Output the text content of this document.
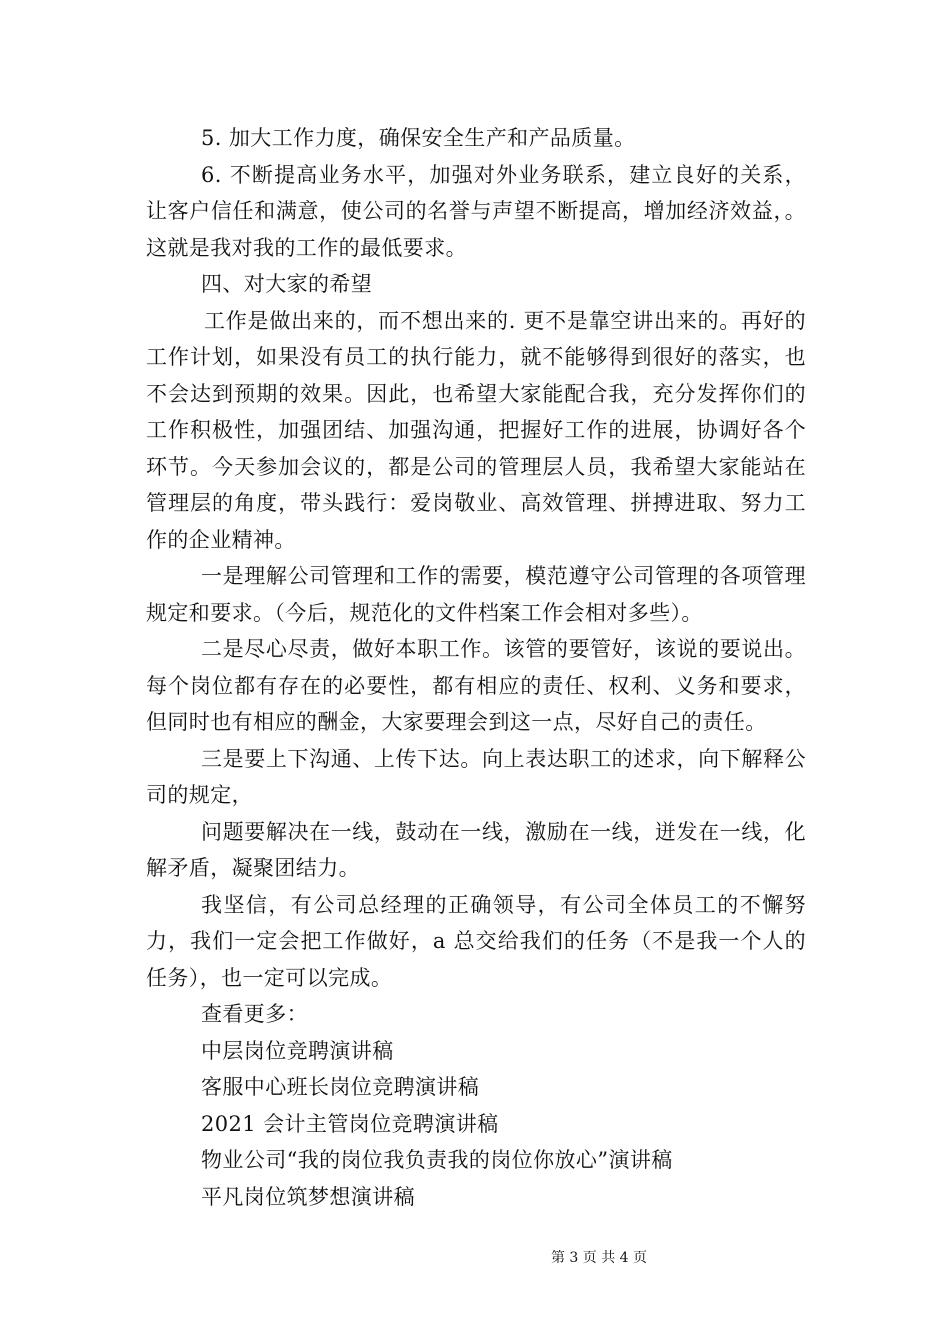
5. 加大工作力度，确保安全生产和产品质量。

6. 不断提高业务水平，加强对外业务联系，建立良好的关系，让客户信任和满意，使公司的名誉与声望不断提高，增加经济效益，。这就是我对我的工作的最低要求。

四、对大家的希望

工作是做出来的，而不想出来的. 更不是靠空讲出来的。再好的工作计划，如果没有员工的执行能力，就不能够得到很好的落实，也不会达到预期的效果。因此，也希望大家能配合我，充分发挥你们的工作积极性，加强团结、加强沟通，把握好工作的进展，协调好各个环节。今天参加会议的，都是公司的管理层人员，我希望大家能站在管理层的角度，带头践行：爱岗敬业、高效管理、拼搏进取、努力工作的企业精神。

一是理解公司管理和工作的需要，模范遵守公司管理的各项管理规定和要求。（今后，规范化的文件档案工作会相对多些）。

二是尽心尽责，做好本职工作。该管的要管好，该说的要说出。每个岗位都有存在的必要性，都有相应的责任、权利、义务和要求，但同时也有相应的酬金，大家要理会到这一点，尽好自己的责任。

三是要上下沟通、上传下达。向上表达职工的述求，向下解释公司的规定，

问题要解决在一线，鼓动在一线，激励在一线，迸发在一线，化解矛盾，凝聚团结力。

我坚信，有公司总经理的正确领导，有公司全体员工的不懈努力，我们一定会把工作做好，a 总交给我们的任务（不是我一个人的任务），也一定可以完成。

查看更多：

中层岗位竞聘演讲稿

客服中心班长岗位竞聘演讲稿

2021 会计主管岗位竞聘演讲稿

物业公司“我的岗位我负责我的岗位你放心”演讲稿

平凡岗位筑梦想演讲稿

第 3 页 共 4 页
